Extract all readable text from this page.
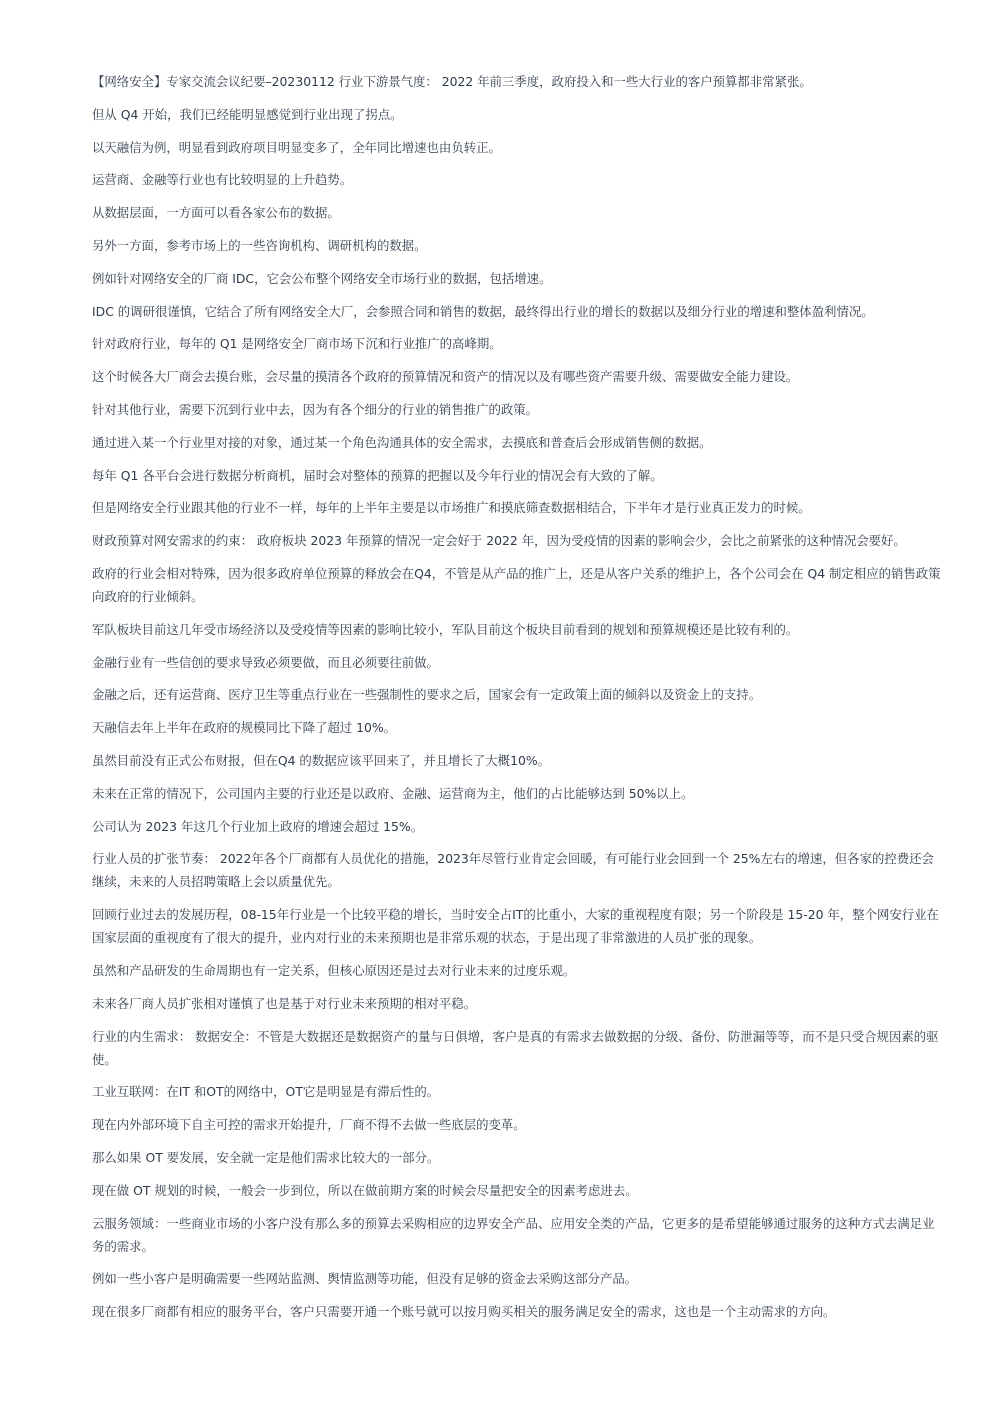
【网络安全】专家交流会议纪要–20230112 行业下游景气度： 2022 年前三季度，政府投入和一些大行业的客户预算都非常紧张。

但从 Q4 开始，我们已经能明显感觉到行业出现了拐点。

以天融信为例，明显看到政府项目明显变多了，全年同比增速也由负转正。

运营商、金融等行业也有比较明显的上升趋势。

从数据层面，一方面可以看各家公布的数据。

另外一方面，参考市场上的一些咨询机构、调研机构的数据。

例如针对网络安全的厂商 IDC，它会公布整个网络安全市场行业的数据，包括增速。

IDC 的调研很谨慎，它结合了所有网络安全大厂，会参照合同和销售的数据，最终得出行业的增长的数据以及细分行业的增速和整体盈利情况。

针对政府行业，每年的 Q1 是网络安全厂商市场下沉和行业推广的高峰期。

这个时候各大厂商会去摸台账，会尽量的摸清各个政府的预算情况和资产的情况以及有哪些资产需要升级、需要做安全能力建设。

针对其他行业，需要下沉到行业中去，因为有各个细分的行业的销售推广的政策。

通过进入某一个行业里对接的对象，通过某一个角色沟通具体的安全需求，去摸底和普查后会形成销售侧的数据。

每年 Q1 各平台会进行数据分析商机，届时会对整体的预算的把握以及今年行业的情况会有大致的了解。

但是网络安全行业跟其他的行业不一样，每年的上半年主要是以市场推广和摸底筛查数据相结合，下半年才是行业真正发力的时候。

财政预算对网安需求的约束： 政府板块 2023 年预算的情况一定会好于 2022 年，因为受疫情的因素的影响会少，会比之前紧张的这种情况会要好。

政府的行业会相对特殊，因为很多政府单位预算的释放会在Q4，不管是从产品的推广上，还是从客户关系的维护上，各个公司会在 Q4 制定相应的销售政策向政府的行业倾斜。

军队板块目前这几年受市场经济以及受疫情等因素的影响比较小，军队目前这个板块目前看到的规划和预算规模还是比较有利的。

金融行业有一些信创的要求导致必须要做，而且必须要往前做。

金融之后，还有运营商、医疗卫生等重点行业在一些强制性的要求之后，国家会有一定政策上面的倾斜以及资金上的支持。

天融信去年上半年在政府的规模同比下降了超过 10%。

虽然目前没有正式公布财报，但在Q4 的数据应该平回来了，并且增长了大概10%。

未来在正常的情况下，公司国内主要的行业还是以政府、金融、运营商为主，他们的占比能够达到 50%以上。

公司认为 2023 年这几个行业加上政府的增速会超过 15%。

行业人员的扩张节奏： 2022年各个厂商都有人员优化的措施，2023年尽管行业肯定会回暖，有可能行业会回到一个 25%左右的增速，但各家的控费还会继续，未来的人员招聘策略上会以质量优先。

回顾行业过去的发展历程，08-15年行业是一个比较平稳的增长，当时安全占IT的比重小，大家的重视程度有限；另一个阶段是 15-20 年，整个网安行业在国家层面的重视度有了很大的提升，业内对行业的未来预期也是非常乐观的状态，于是出现了非常激进的人员扩张的现象。

虽然和产品研发的生命周期也有一定关系，但核心原因还是过去对行业未来的过度乐观。

未来各厂商人员扩张相对谨慎了也是基于对行业未来预期的相对平稳。

行业的内生需求： 数据安全：不管是大数据还是数据资产的量与日俱增，客户是真的有需求去做数据的分级、备份、防泄漏等等，而不是只受合规因素的驱使。

工业互联网：在IT 和OT的网络中，OT它是明显是有滞后性的。

现在内外部环境下自主可控的需求开始提升，厂商不得不去做一些底层的变革。

那么如果 OT 要发展，安全就一定是他们需求比较大的一部分。

现在做 OT 规划的时候，一般会一步到位，所以在做前期方案的时候会尽量把安全的因素考虑进去。

云服务领域：一些商业市场的小客户没有那么多的预算去采购相应的边界安全产品、应用安全类的产品，它更多的是希望能够通过服务的这种方式去满足业务的需求。

例如一些小客户是明确需要一些网站监测、舆情监测等功能，但没有足够的资金去采购这部分产品。

现在很多厂商都有相应的服务平台，客户只需要开通一个账号就可以按月购买相关的服务满足安全的需求，这也是一个主动需求的方向。
